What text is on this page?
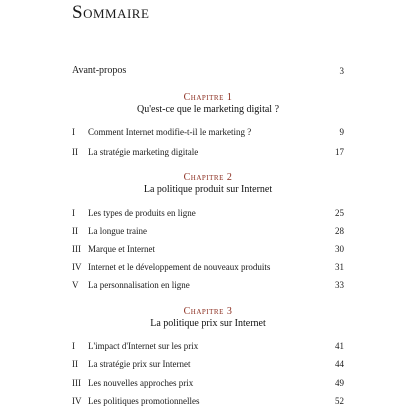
Sommaire
Avant-propos	3
Chapitre 1
Qu'est-ce que le marketing digital ?
I Comment Internet modifie-t-il le marketing ?	9
II La stratégie marketing digitale	17
Chapitre 2
La politique produit sur Internet
I Les types de produits en ligne	25
II La longue traine	28
III Marque et Internet	30
IV Internet et le développement de nouveaux produits	31
V La personnalisation en ligne	33
Chapitre 3
La politique prix sur Internet
I L'impact d'Internet sur les prix	41
II La stratégie prix sur Internet	44
III Les nouvelles approches prix	49
IV Les politiques promotionnelles	52
